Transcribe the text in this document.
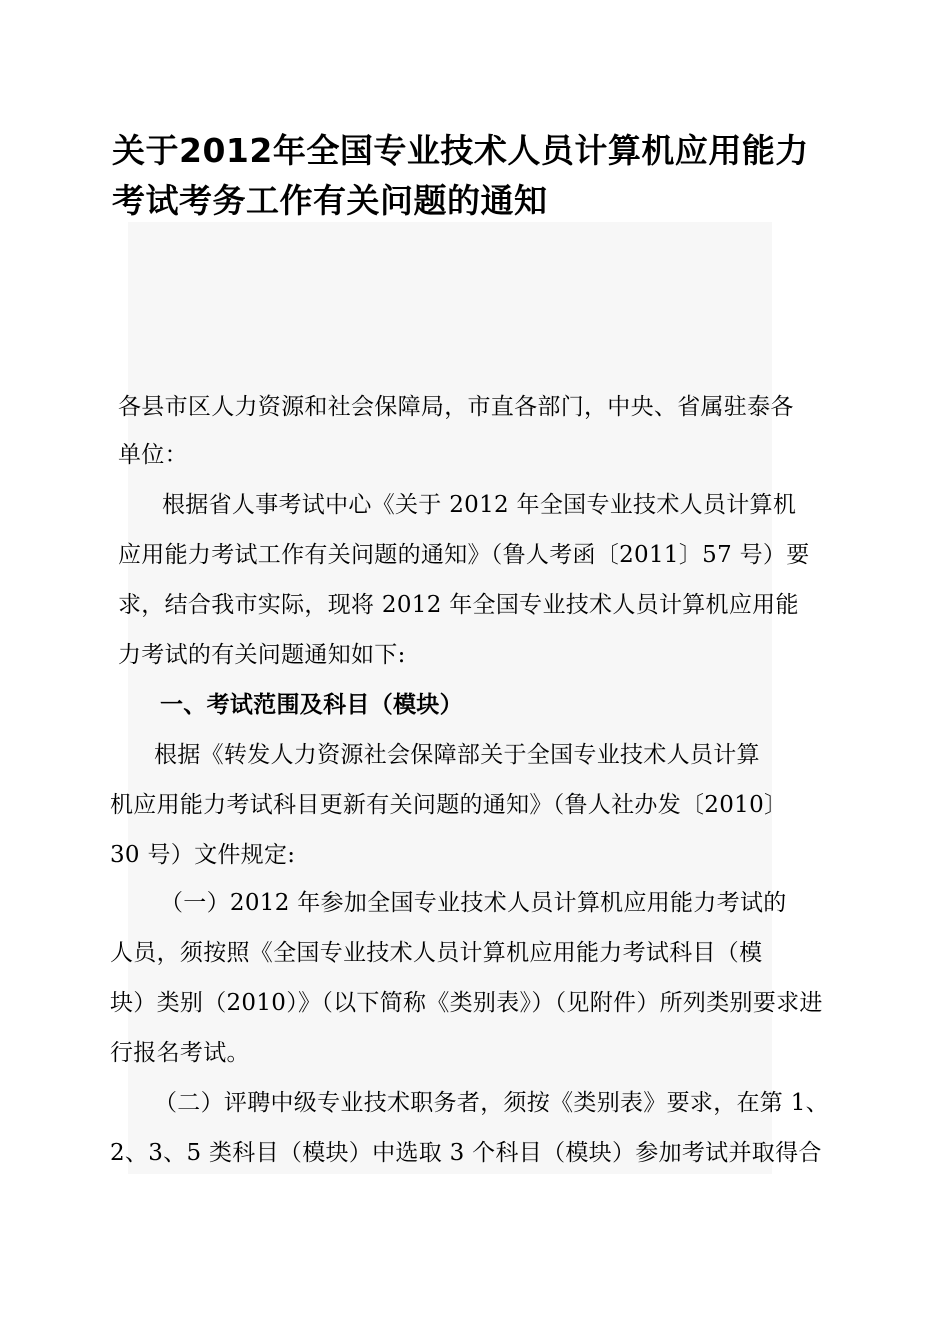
关于2012年全国专业技术人员计算机应用能力考试考务工作有关问题的通知
各县市区人力资源和社会保障局，市直各部门，中央、省属驻泰各
单位：
根据省人事考试中心《关于 2012 年全国专业技术人员计算机
应用能力考试工作有关问题的通知》（鲁人考函〔2011〕57 号）要
求，结合我市实际，现将 2012 年全国专业技术人员计算机应用能
力考试的有关问题通知如下:
一、考试范围及科目（模块）
根据《转发人力资源社会保障部关于全国专业技术人员计算
机应用能力考试科目更新有关问题的通知》（鲁人社办发〔2010〕
30 号）文件规定:
（一）2012 年参加全国专业技术人员计算机应用能力考试的
人员，须按照《全国专业技术人员计算机应用能力考试科目（模
块）类别（2010）》（以下简称《类别表》）（见附件）所列类别要求进
行报名考试。
（二）评聘中级专业技术职务者，须按《类别表》要求，在第 1、
2、3、5 类科目（模块）中选取 3 个科目（模块）参加考试并取得合
